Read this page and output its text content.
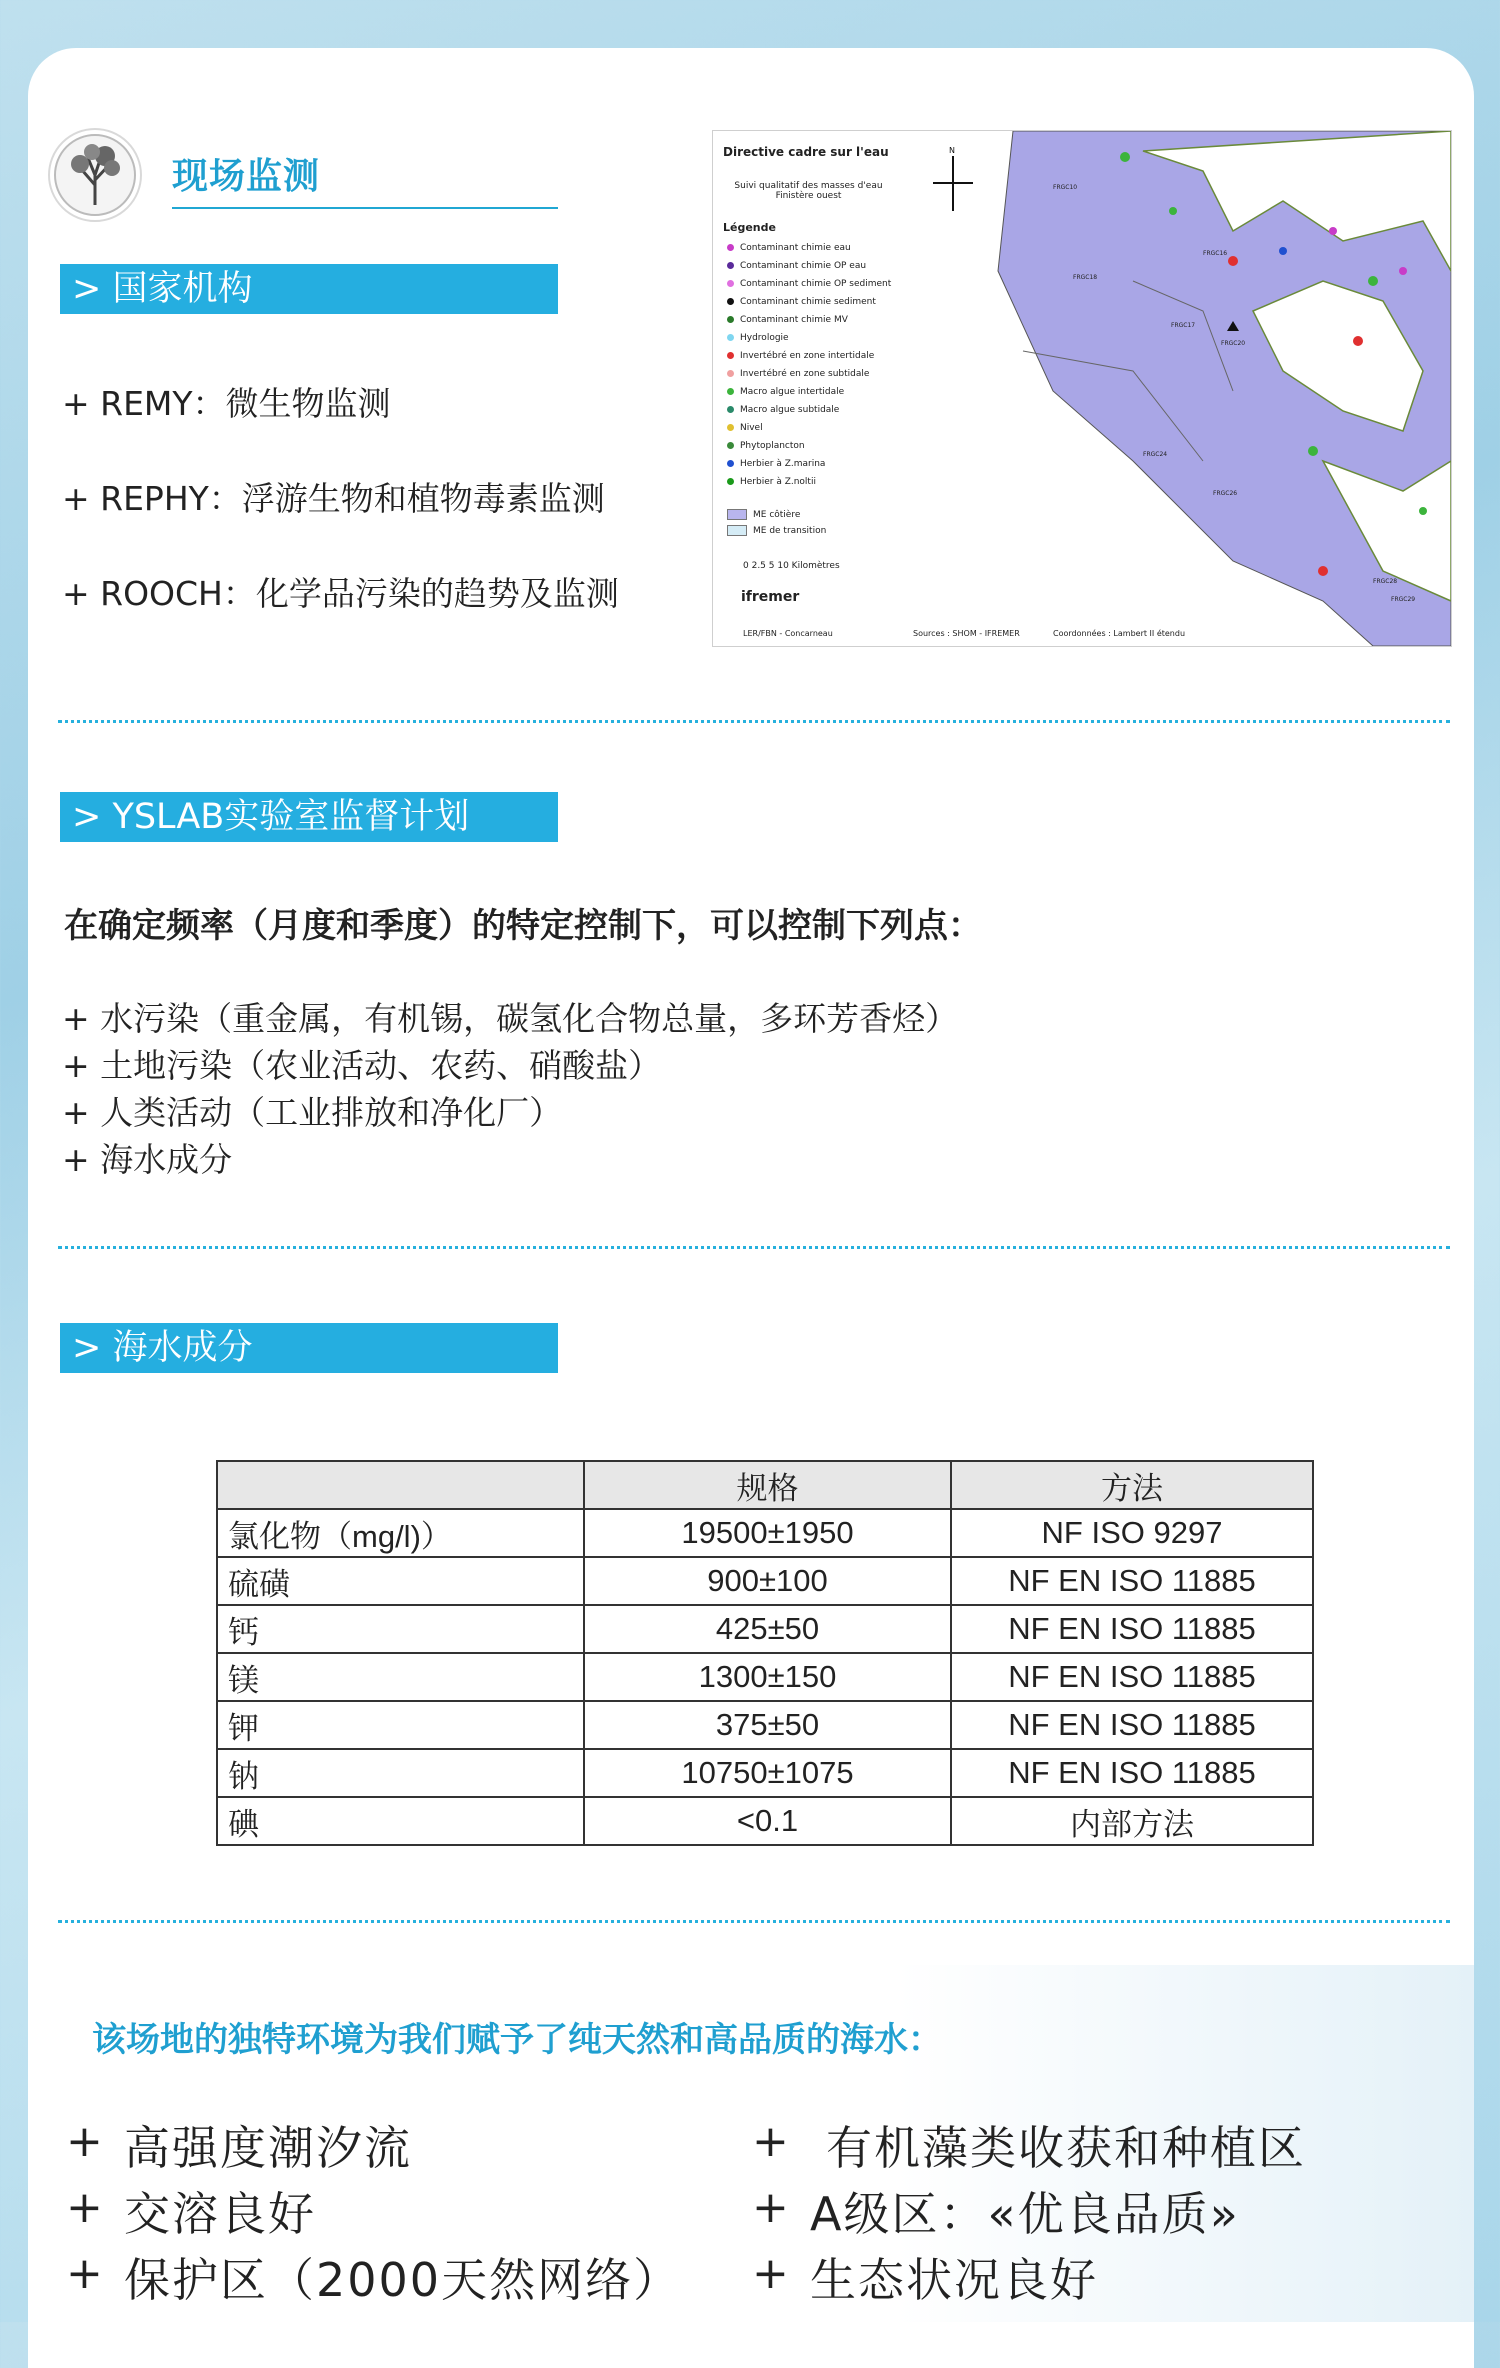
现场监测
> 国家机构
+ REMY：微生物监测
+ REPHY：浮游生物和植物毒素监测
+ ROOCH：化学品污染的趋势及监测
Directive cadre sur l'eau
Suivi qualitatif des masses d'eau Finistère ouest
Légende
Contaminant chimie eau
Contaminant chimie OP eau
Contaminant chimie OP sediment
Contaminant chimie sediment
Contaminant chimie MV
Hydrologie
Invertébré en zone intertidale
Invertébré en zone subtidale
Macro algue intertidale
Macro algue subtidale
Nivel
Phytoplancton
Herbier à Z.marina
Herbier à Z.noltii
ME côtière
ME de transition
0 2.5 5 10 Kilomètres
ifremer
LER/FBN - Concarneau
FRGC10
FRGC16
FRGC18
FRGC17
FRGC20
FRGC24
FRGC26
FRGC28
FRGC29
N
Sources : SHOM - IFREMER	Coordonnées : Lambert II étendu
> YSLAB实验室监督计划
在确定频率（月度和季度）的特定控制下，可以控制下列点：
+ 水污染（重金属，有机锡，碳氢化合物总量，多环芳香烃）
+ 土地污染（农业活动、农药、硝酸盐）
+ 人类活动（工业排放和净化厂）
+ 海水成分
> 海水成分
	规格	方法
氯化物（mg/l)）	19500±1950	NF ISO 9297
硫磺	900±100	NF EN ISO 11885
钙	425±50	NF EN ISO 11885
镁	1300±150	NF EN ISO 11885
钾	375±50	NF EN ISO 11885
钠	10750±1075	NF EN ISO 11885
碘	<0.1	内部方法
该场地的独特环境为我们赋予了纯天然和高品质的海水：
+ 高强度潮汐流
+ 交溶良好
+ 保护区（2000天然网络）
+ 有机藻类收获和种植区
+ A级区：«优良品质»
+ 生态状况良好
